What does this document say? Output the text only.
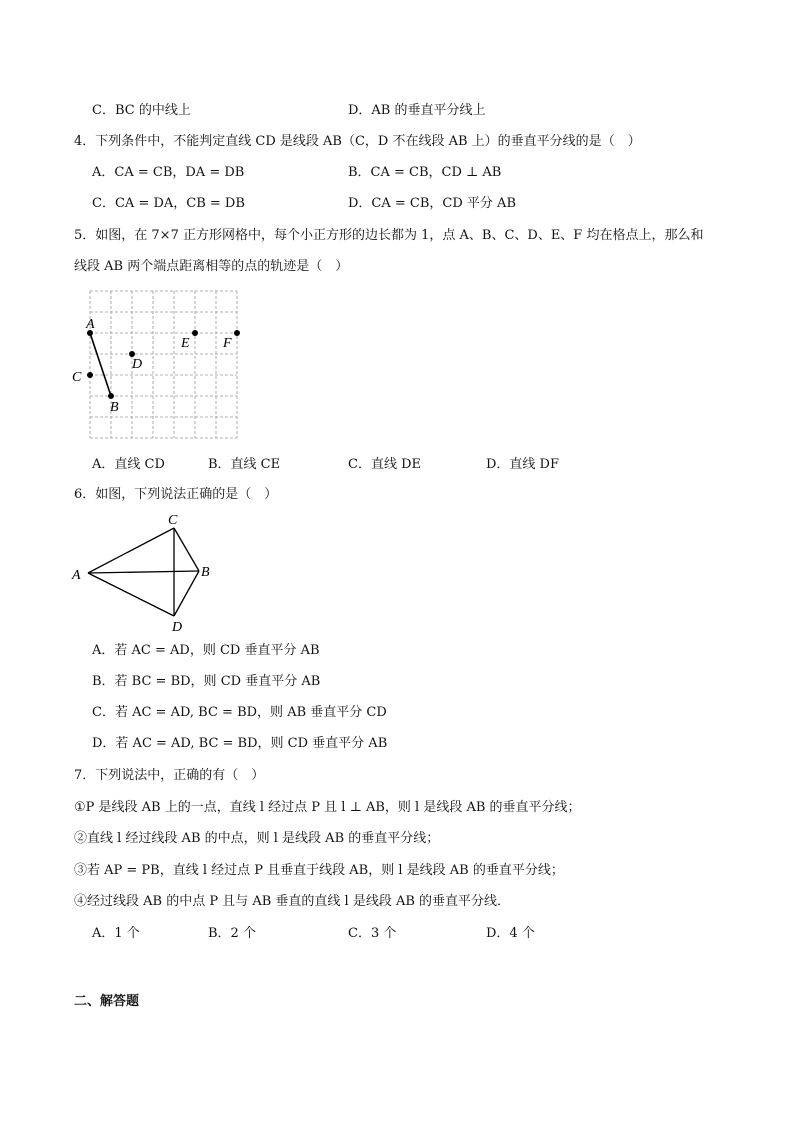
C．BC 的中线上	D．AB 的垂直平分线上
4．下列条件中，不能判定直线 CD 是线段 AB（C，D 不在线段 AB 上）的垂直平分线的是（　）
A．CA = CB，DA = DB	B．CA = CB，CD ⊥ AB
C．CA = DA，CB = DB	D．CA = CB，CD 平分 AB
5．如图，在 7×7 正方形网格中，每个小正方形的边长都为 1，点 A、B、C、D、E、F 均在格点上，那么和
线段 AB 两个端点距离相等的点的轨迹是（　）
A
B
C
D
E F
A．直线 CD	B．直线 CE	C．直线 DE	D．直线 DF
6．如图，下列说法正确的是（　）
A	B
C
D
A．若 AC = AD，则 CD 垂直平分 AB
B．若 BC = BD，则 CD 垂直平分 AB
C．若 AC = AD, BC = BD，则 AB 垂直平分 CD
D．若 AC = AD, BC = BD，则 CD 垂直平分 AB
7．下列说法中，正确的有（　）
①P 是线段 AB 上的一点，直线 l 经过点 P 且 l ⊥ AB，则 l 是线段 AB 的垂直平分线；
②直线 l 经过线段 AB 的中点，则 l 是线段 AB 的垂直平分线；
③若 AP = PB，直线 l 经过点 P 且垂直于线段 AB，则 l 是线段 AB 的垂直平分线；
④经过线段 AB 的中点 P 且与 AB 垂直的直线 l 是线段 AB 的垂直平分线．
A．1 个	B．2 个	C．3 个	D．4 个
二、解答题
